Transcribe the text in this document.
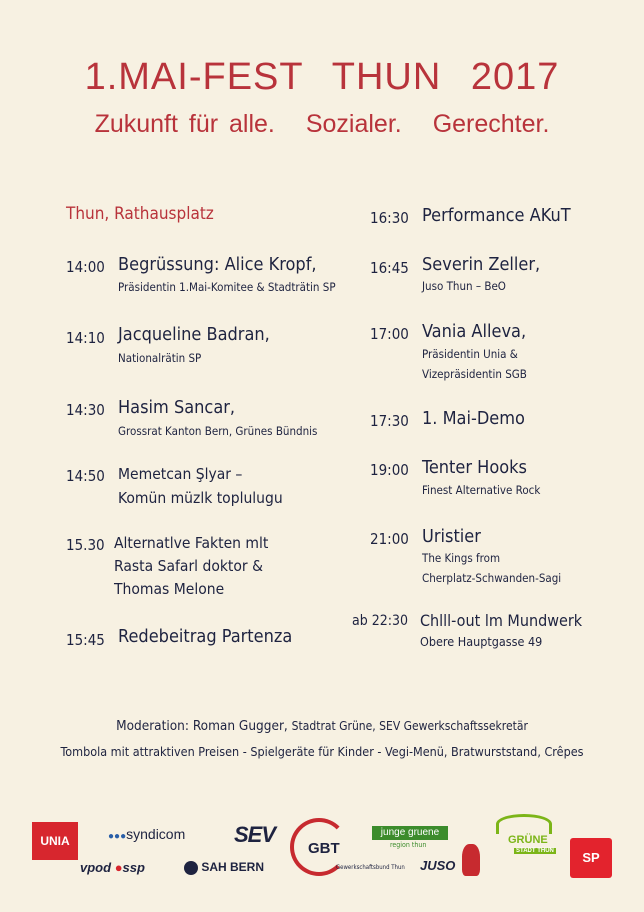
1.MAI-FEST THUN 2017
Zukunft für alle. Sozialer. Gerechter.
Thun, Rathausplatz
14:00 Begrüssung: Alice Kropf,
Präsidentin 1.Mai-Komitee & Stadträtin SP
14:10 Jacqueline Badran,
Nationalrätin SP
14:30 Hasim Sancar,
Grossrat Kanton Bern, Grünes Bündnis
14:50 Memetcan Şlyar –
Komün müzlk toplulugu
15.30 Alternatlve Fakten mlt
Rasta Safarl doktor &
Thomas Melone
15:45 Redebeitrag Partenza
16:30 Performance AKuT
16:45 Severin Zeller,
Juso Thun – BeO
17:00 Vania Alleva,
Präsidentin Unia &
Vizepräsidentin SGB
17:30 1. Mai-Demo
19:00 Tenter Hooks
Finest Alternative Rock
21:00 Uristier
The Kings from
Cherplatz-Schwanden-Sagi
ab 22:30 Chlll-out lm Mundwerk
Obere Hauptgasse 49
Moderation: Roman Gugger, Stadtrat Grüne, SEV Gewerkschaftssekretär
Tombola mit attraktiven Preisen - Spielgeräte für Kinder - Vegi-Menü, Bratwurststand, Crêpes
UNIA	●●●syndicom
vpod ●ssp
SEV
SAH BERN
GBT
Gewerkschaftsbund Thun
junge gruene
region thun
JUSO
GRÜNE
STADT THUN	SP
